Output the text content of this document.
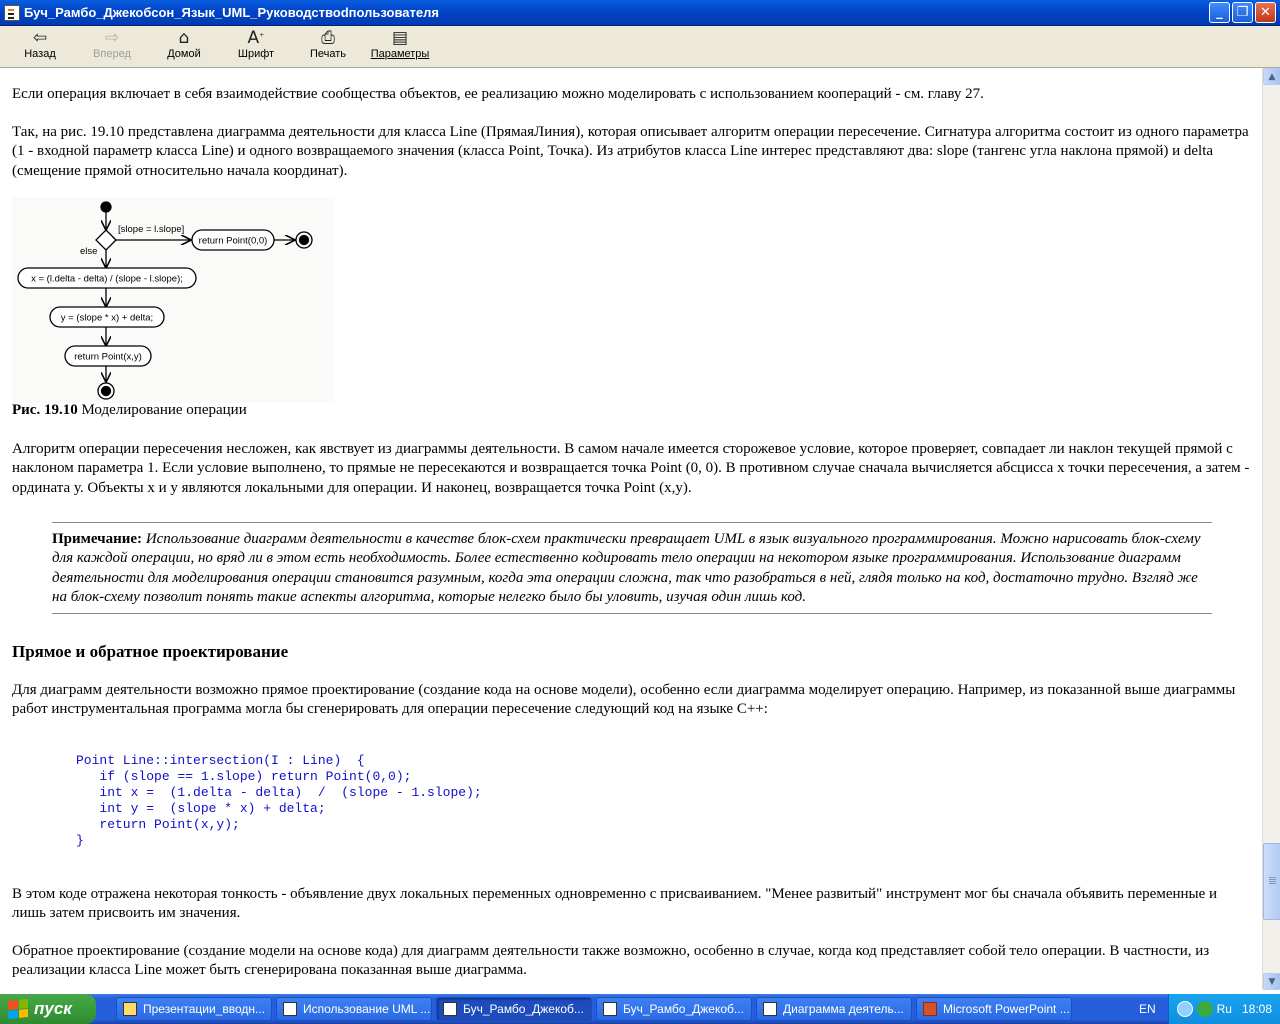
Буч_Рамбо_Джекобсон_Язык_UML_Руководствоdпользователя	_	❐ ✕
⇦
Назад
⇨
Вперед
⌂
Домой
A ⁺
Шрифт
⎙
Печать
▤
Параметры

Если операция включает в себя взаимодействие сообщества объектов, ее реализацию можно моделировать с использованием коопераций - см. главу 27.

Так, на рис. 19.10 представлена диаграмма деятельности для класса Line (ПрямаяЛиния), которая описывает алгоритм операции пересечение. Сигнатура алгоритма состоит из одного параметра (1 - входной параметр класса Line) и одного возвращаемого значения (класса Point, Точка). Из атрибутов класса Line интерес представляют два: slope (тангенс угла наклона прямой) и delta (смещение прямой относительно начала координат).

[slope = l.slope]
else
return Point(0,0)
x = (l.delta - delta) / (slope - l.slope);
y = (slope * x) + delta;
return Point(x,y)

Рис. 19.10 Моделирование операции

Алгоритм операции пересечения несложен, как явствует из диаграммы деятельности. В самом начале имеется сторожевое условие, которое проверяет, совпадает ли наклон текущей прямой с наклоном параметра 1. Если условие выполнено, то прямые не пересекаются и возвращается точка Point (0, 0). В противном случае сначала вычисляется абсцисса х точки пересечения, а затем - ордината у. Объекты х и у являются локальными для операции. И наконец, возвращается точка Point (х,у).

Примечание: Использование диаграмм деятельности в качестве блок-схем практически превращает UML в язык визуального программирования. Можно нарисовать блок-схему для каждой операции, но вряд ли в этом есть необходимость. Более естественно кодировать тело операции на некотором языке программирования. Использование диаграмм деятельности для моделирования операции становится разумным, когда эта операции сложна, так что разобраться в ней, глядя только на код, достаточно трудно. Взгляд же на блок-схему позволит понять такие аспекты алгоритма, которые нелегко было бы уловить, изучая один лишь код.
Прямое и обратное проектирование

Для диаграмм деятельности возможно прямое проектирование (создание кода на основе модели), особенно если диаграмма моделирует операцию. Например, из показанной выше диаграммы работ инструментальная программа могла бы сгенерировать для операции пересечение следующий код на языке C++:

Point Line::intersection(I : Line)  {
if (slope == 1.slope) return Point(0,0);
int x =  (1.delta - delta)  /  (slope - 1.slope);
int y =  (slope * x) + delta;
return Point(x,y);
}

В этом коде отражена некоторая тонкость - объявление двух локальных переменных одновременно с присваиванием. "Менее развитый" инструмент мог бы сначала объявить переменные и лишь затем присвоить им значения.

Обратное проектирование (создание модели на основе кода) для диаграмм деятельности также возможно, особенно в случае, когда код представляет собой тело операции. В частности, из реализации класса Line может быть сгенерирована показанная выше диаграмма.

▲
▼
пуск	Презентации_вводн...	Использование UML ...	Буч_Рамбо_Джекоб...	Буч_Рамбо_Джекоб...	Диаграмма деятель...	Microsoft PowerPoint ...	EN	Ru 18:08
